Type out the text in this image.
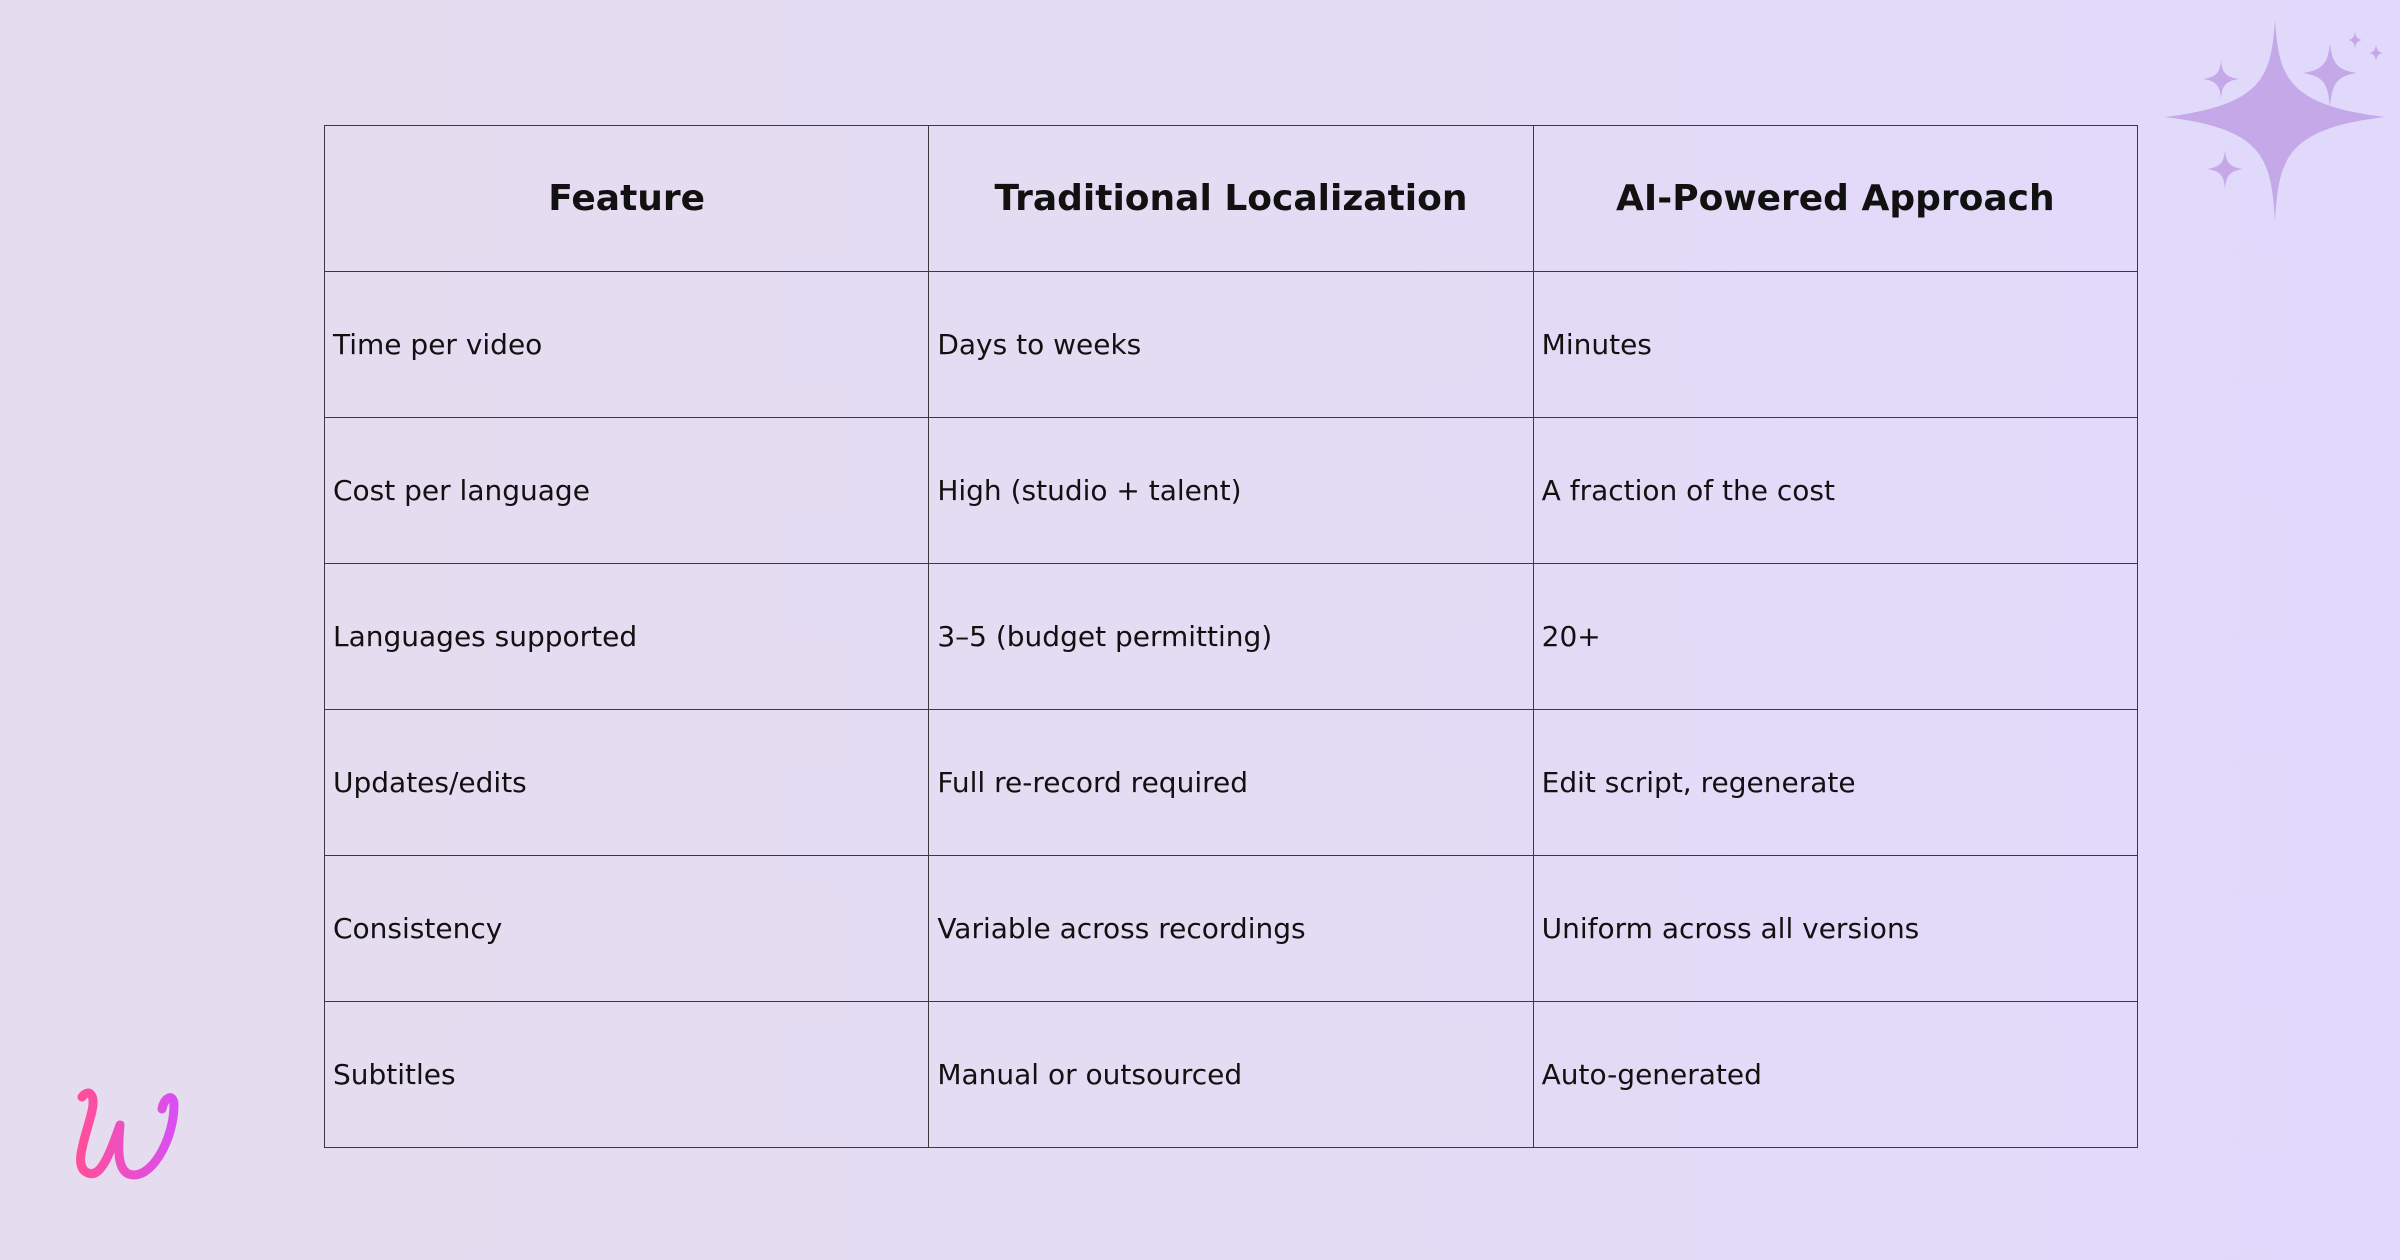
Feature	Traditional Localization	AI-Powered Approach
Time per video	Days to weeks	Minutes
Cost per language	High (studio + talent)	A fraction of the cost
Languages supported	3–5 (budget permitting)	20+
Updates/edits	Full re-record required	Edit script, regenerate
Consistency	Variable across recordings	Uniform across all versions
Subtitles	Manual or outsourced	Auto-generated
